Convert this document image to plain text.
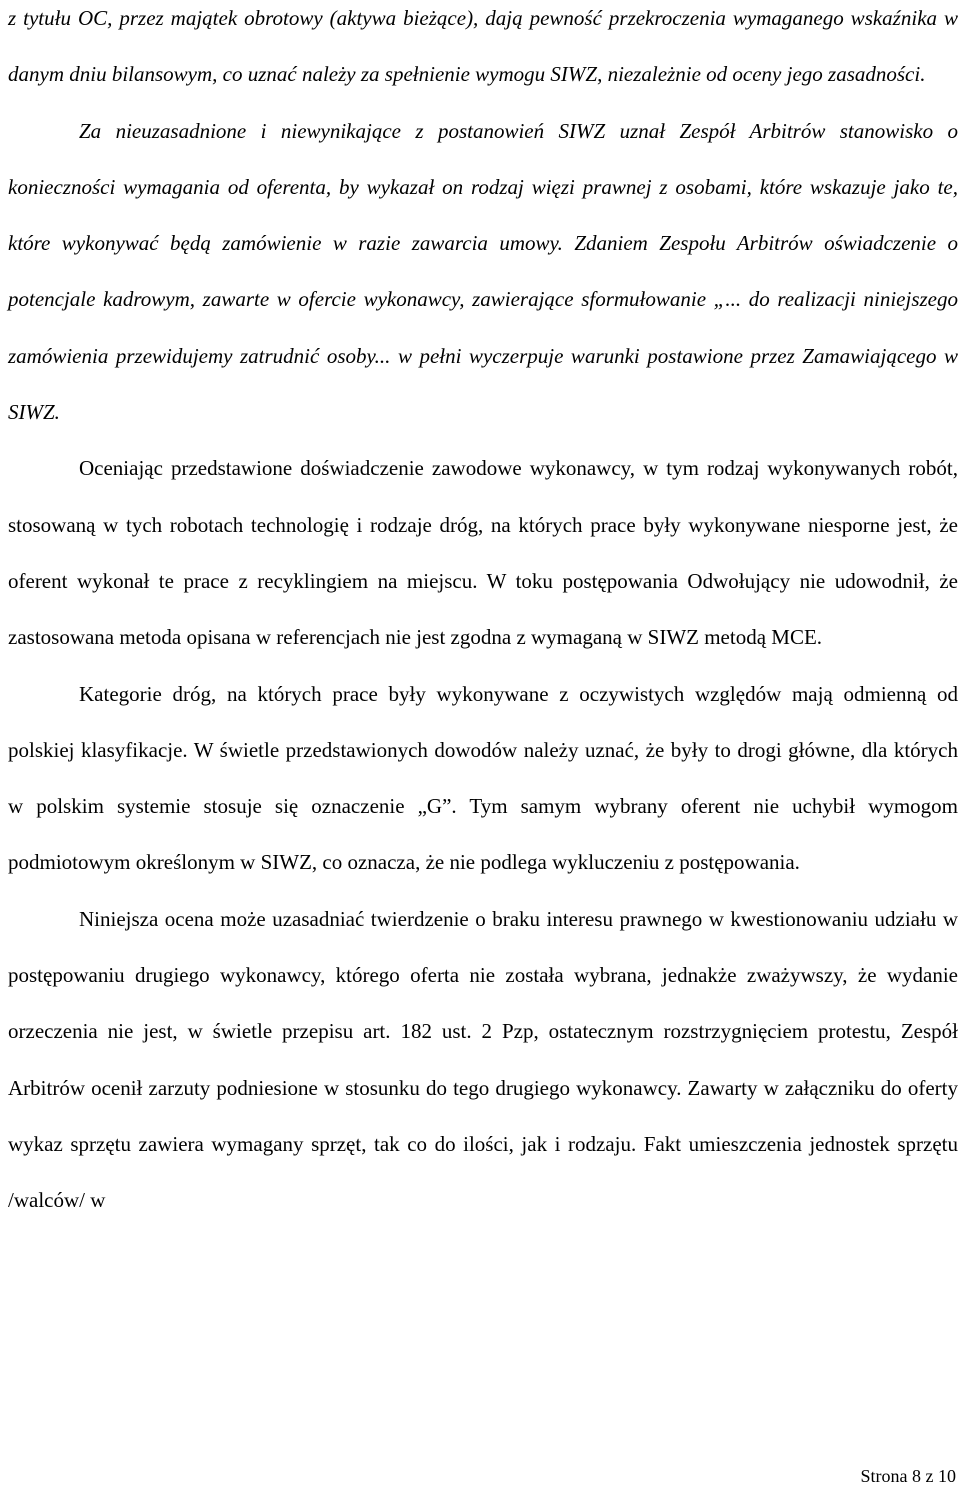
z tytułu OC, przez majątek obrotowy (aktywa bieżące), dają pewność przekroczenia wymaganego wskaźnika w danym dniu bilansowym, co uznać należy za spełnienie wymogu SIWZ, niezależnie od oceny jego zasadności.

Za nieuzasadnione i niewynikające z postanowień SIWZ uznał Zespół Arbitrów stanowisko o konieczności wymagania od oferenta, by wykazał on rodzaj więzi prawnej z osobami, które wskazuje jako te, które wykonywać będą zamówienie w razie zawarcia umowy. Zdaniem Zespołu Arbitrów oświadczenie o potencjale kadrowym, zawarte w ofercie wykonawcy, zawierające sformułowanie „... do realizacji niniejszego zamówienia przewidujemy zatrudnić osoby... w pełni wyczerpuje warunki postawione przez Zamawiającego w SIWZ.

Oceniając przedstawione doświadczenie zawodowe wykonawcy, w tym rodzaj wykonywanych robót, stosowaną w tych robotach technologię i rodzaje dróg, na których prace były wykonywane niesporne jest, że oferent wykonał te prace z recyklingiem na miejscu. W toku postępowania Odwołujący nie udowodnił, że zastosowana metoda opisana w referencjach nie jest zgodna z wymaganą w SIWZ metodą MCE.

Kategorie dróg, na których prace były wykonywane z oczywistych względów mają odmienną od polskiej klasyfikacje. W świetle przedstawionych dowodów należy uznać, że były to drogi główne, dla których w polskim systemie stosuje się oznaczenie „G”. Tym samym wybrany oferent nie uchybił wymogom podmiotowym określonym w SIWZ, co oznacza, że nie podlega wykluczeniu z postępowania.

Niniejsza ocena może uzasadniać twierdzenie o braku interesu prawnego w kwestionowaniu udziału w postępowaniu drugiego wykonawcy, którego oferta nie została wybrana, jednakże zważywszy, że wydanie orzeczenia nie jest, w świetle przepisu art. 182 ust. 2 Pzp, ostatecznym rozstrzygnięciem protestu, Zespół Arbitrów ocenił zarzuty podniesione w stosunku do tego drugiego wykonawcy. Zawarty w załączniku do oferty wykaz sprzętu zawiera wymagany sprzęt, tak co do ilości, jak i rodzaju. Fakt umieszczenia jednostek sprzętu /walców/ w

Strona 8 z 10
